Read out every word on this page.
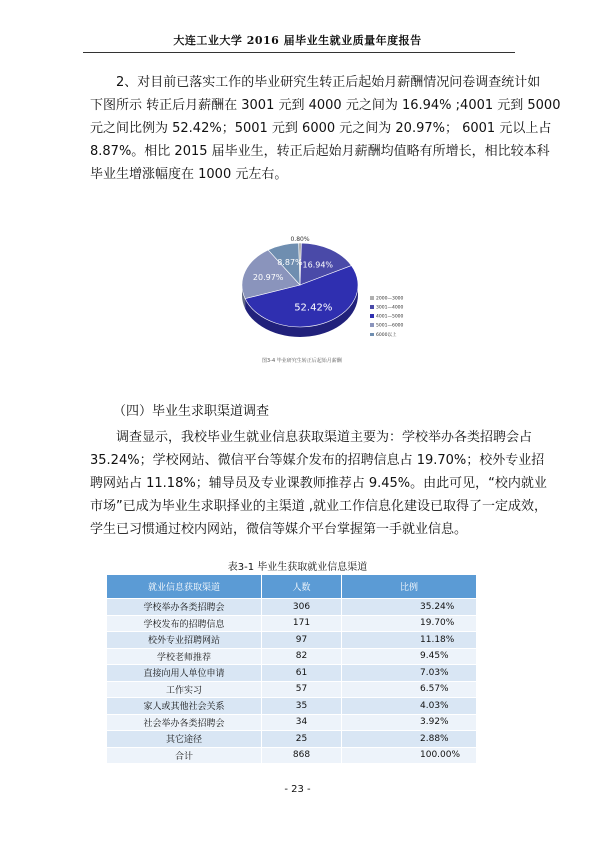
大连工业大学 2016 届毕业生就业质量年度报告

2、对目前已落实工作的毕业研究生转正后起始月薪酬情况问卷调查统计如
下图所示 转正后月薪酬在 3001 元到 4000 元之间为 16.94% ;4001 元到 5000
元之间比例为 52.42%；5001 元到 6000 元之间为 20.97%； 6001 元以上占
8.87%。相比 2015 届毕业生，转正后起始月薪酬均值略有所增长，相比较本科
毕业生增涨幅度在 1000 元左右。

0.80%
16.94%
52.42%
20.97%
8.87%
2000—3000
3001—4000
4001—5000
5001—6000
6000以上
图3-4 毕业研究生转正后起始月薪酬
（四）毕业生求职渠道调查

调查显示，我校毕业生就业信息获取渠道主要为：学校举办各类招聘会占
35.24%；学校网站、微信平台等媒介发布的招聘信息占 19.70%；校外专业招
聘网站占 11.18%；辅导员及专业课教师推荐占 9.45%。由此可见，“校内就业
市场”已成为毕业生求职择业的主渠道 ,就业工作信息化建设已取得了一定成效，
学生已习惯通过校内网站，微信等媒介平台掌握第一手就业信息。

表3-1 毕业生获取就业信息渠道
就业信息获取渠道	人数	比例
学校举办各类招聘会	306	35.24%
学校发布的招聘信息	171	19.70%
校外专业招聘网站	97	11.18%
学校老师推荐	82	9.45%
直接向用人单位申请	61	7.03%
工作实习	57	6.57%
家人或其他社会关系	35	4.03%
社会举办各类招聘会	34	3.92%
其它途径	25	2.88%
合计	868	100.00%
- 23 -
